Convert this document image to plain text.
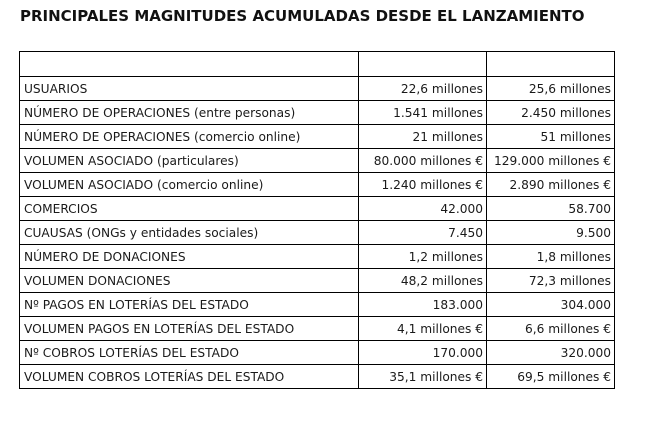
PRINCIPALES MAGNITUDES ACUMULADAS DESDE EL LANZAMIENTO

USUARIOS	22,6 millones	25,6 millones
NÚMERO DE OPERACIONES (entre personas)	1.541 millones	2.450 millones
NÚMERO DE OPERACIONES (comercio online)	21 millones	51 millones
VOLUMEN ASOCIADO (particulares)	80.000 millones €	129.000 millones €
VOLUMEN ASOCIADO (comercio online)	1.240 millones €	2.890 millones €
COMERCIOS	42.000	58.700
CUAUSAS (ONGs y entidades sociales)	7.450	9.500
NÚMERO DE DONACIONES	1,2 millones	1,8 millones
VOLUMEN DONACIONES	48,2 millones	72,3 millones
Nº PAGOS EN LOTERÍAS DEL ESTADO	183.000	304.000
VOLUMEN PAGOS EN LOTERÍAS DEL ESTADO	4,1 millones €	6,6 millones €
Nº COBROS LOTERÍAS DEL ESTADO	170.000	320.000
VOLUMEN COBROS LOTERÍAS DEL ESTADO	35,1 millones €	69,5 millones €
